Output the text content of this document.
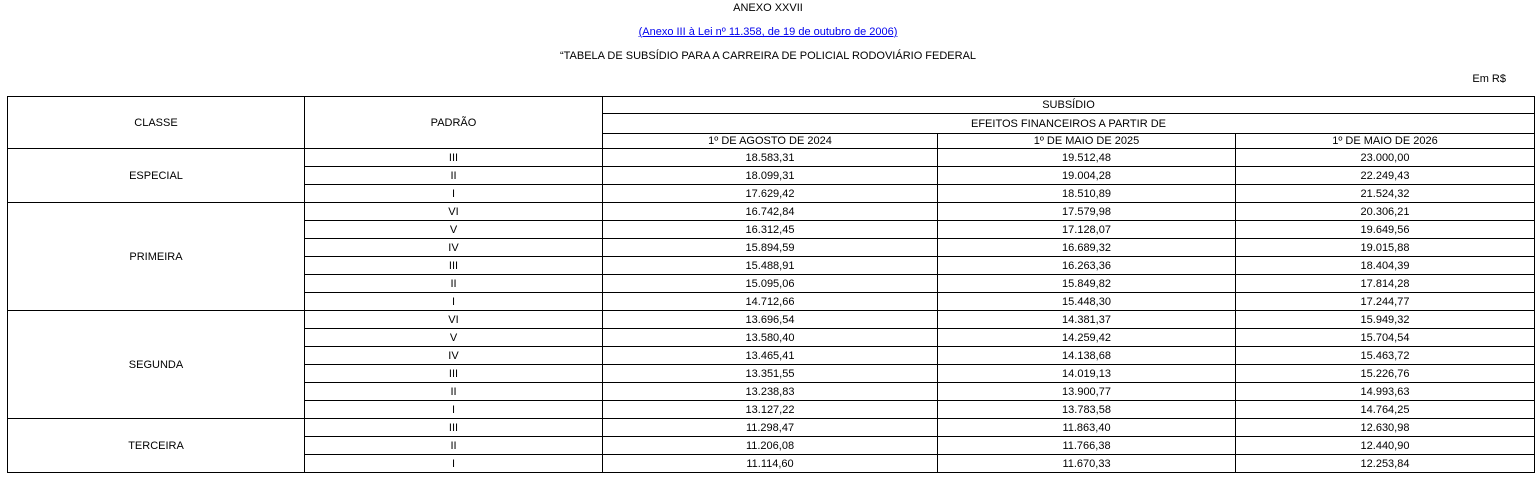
ANEXO XXVII
(Anexo III à Lei nº 11.358, de 19 de outubro de 2006)
“TABELA DE SUBSÍDIO PARA A CARREIRA DE POLICIAL RODOVIÁRIO FEDERAL
Em R$
CLASSE	PADRÃO	SUBSÍDIO		
		EFEITOS FINANCEIROS A PARTIR DE		
		1º DE AGOSTO DE 2024	1º DE MAIO DE 2025	1º DE MAIO DE 2026
ESPECIAL	III	18.583,31	19.512,48	23.000,00
	II	18.099,31	19.004,28	22.249,43
	I	17.629,42	18.510,89	21.524,32
PRIMEIRA	VI	16.742,84	17.579,98	20.306,21
	V	16.312,45	17.128,07	19.649,56
	IV	15.894,59	16.689,32	19.015,88
	III	15.488,91	16.263,36	18.404,39
	II	15.095,06	15.849,82	17.814,28
	I	14.712,66	15.448,30	17.244,77
SEGUNDA	VI	13.696,54	14.381,37	15.949,32
	V	13.580,40	14.259,42	15.704,54
	IV	13.465,41	14.138,68	15.463,72
	III	13.351,55	14.019,13	15.226,76
	II	13.238,83	13.900,77	14.993,63
	I	13.127,22	13.783,58	14.764,25
TERCEIRA	III	11.298,47	11.863,40	12.630,98
	II	11.206,08	11.766,38	12.440,90
	I	11.114,60	11.670,33	12.253,84
